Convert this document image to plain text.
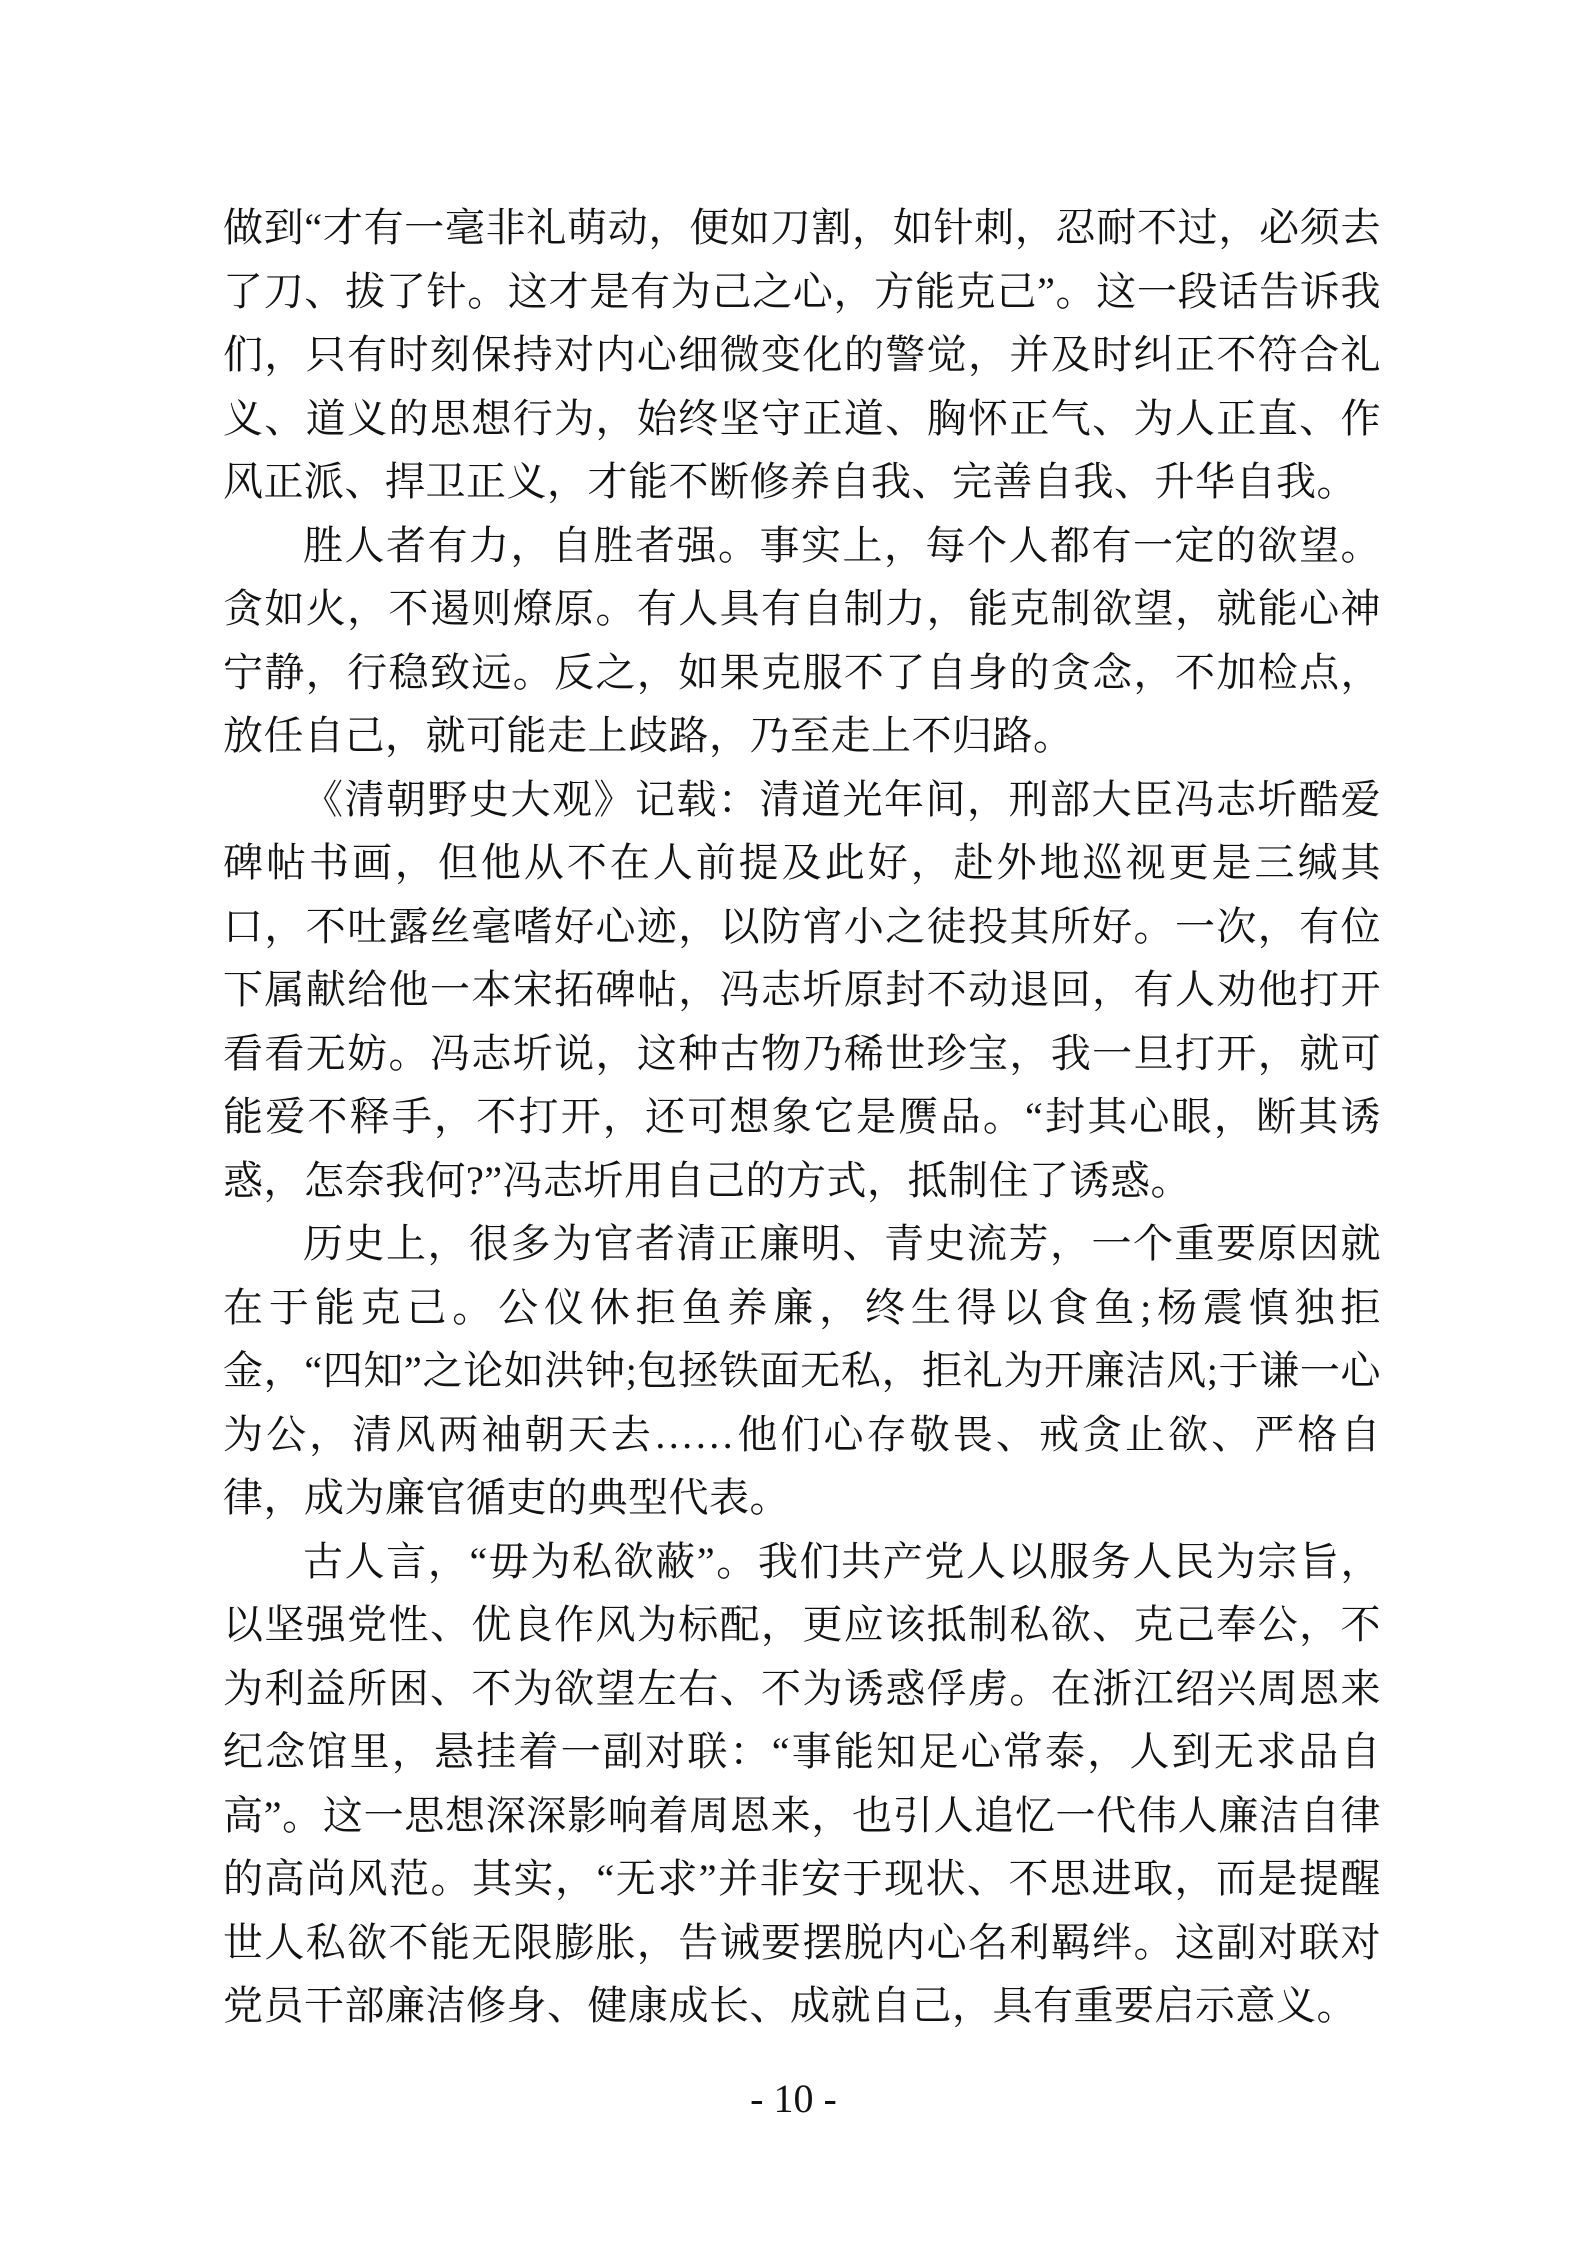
做到“才有一毫非礼萌动，便如刀割，如针刺，忍耐不过，必须去了刀、拔了针。这才是有为己之心，方能克己”。这一段话告诉我们，只有时刻保持对内心细微变化的警觉，并及时纠正不符合礼义、道义的思想行为，始终坚守正道、胸怀正气、为人正直、作风正派、捍卫正义，才能不断修养自我、完善自我、升华自我。

胜人者有力，自胜者强。事实上，每个人都有一定的欲望。贪如火，不遏则燎原。有人具有自制力，能克制欲望，就能心神宁静，行稳致远。反之，如果克服不了自身的贪念，不加检点，放任自己，就可能走上歧路，乃至走上不归路。

《清朝野史大观》记载：清道光年间，刑部大臣冯志圻酷爱碑帖书画，但他从不在人前提及此好，赴外地巡视更是三缄其口，不吐露丝毫嗜好心迹，以防宵小之徒投其所好。一次，有位下属献给他一本宋拓碑帖，冯志圻原封不动退回，有人劝他打开看看无妨。冯志圻说，这种古物乃稀世珍宝，我一旦打开，就可能爱不释手，不打开，还可想象它是赝品。“封其心眼，断其诱惑，怎奈我何?”冯志圻用自己的方式，抵制住了诱惑。

历史上，很多为官者清正廉明、青史流芳，一个重要原因就在于能克己。公仪休拒鱼养廉，终生得以食鱼;杨震慎独拒金，“四知”之论如洪钟;包拯铁面无私，拒礼为开廉洁风;于谦一心为公，清风两袖朝天去……他们心存敬畏、戒贪止欲、严格自律，成为廉官循吏的典型代表。

古人言，“毋为私欲蔽”。我们共产党人以服务人民为宗旨，以坚强党性、优良作风为标配，更应该抵制私欲、克己奉公，不为利益所困、不为欲望左右、不为诱惑俘虏。在浙江绍兴周恩来纪念馆里，悬挂着一副对联：“事能知足心常泰，人到无求品自高”。这一思想深深影响着周恩来，也引人追忆一代伟人廉洁自律的高尚风范。其实，“无求”并非安于现状、不思进取，而是提醒世人私欲不能无限膨胀，告诫要摆脱内心名利羁绊。这副对联对党员干部廉洁修身、健康成长、成就自己，具有重要启示意义。

- 10 -
